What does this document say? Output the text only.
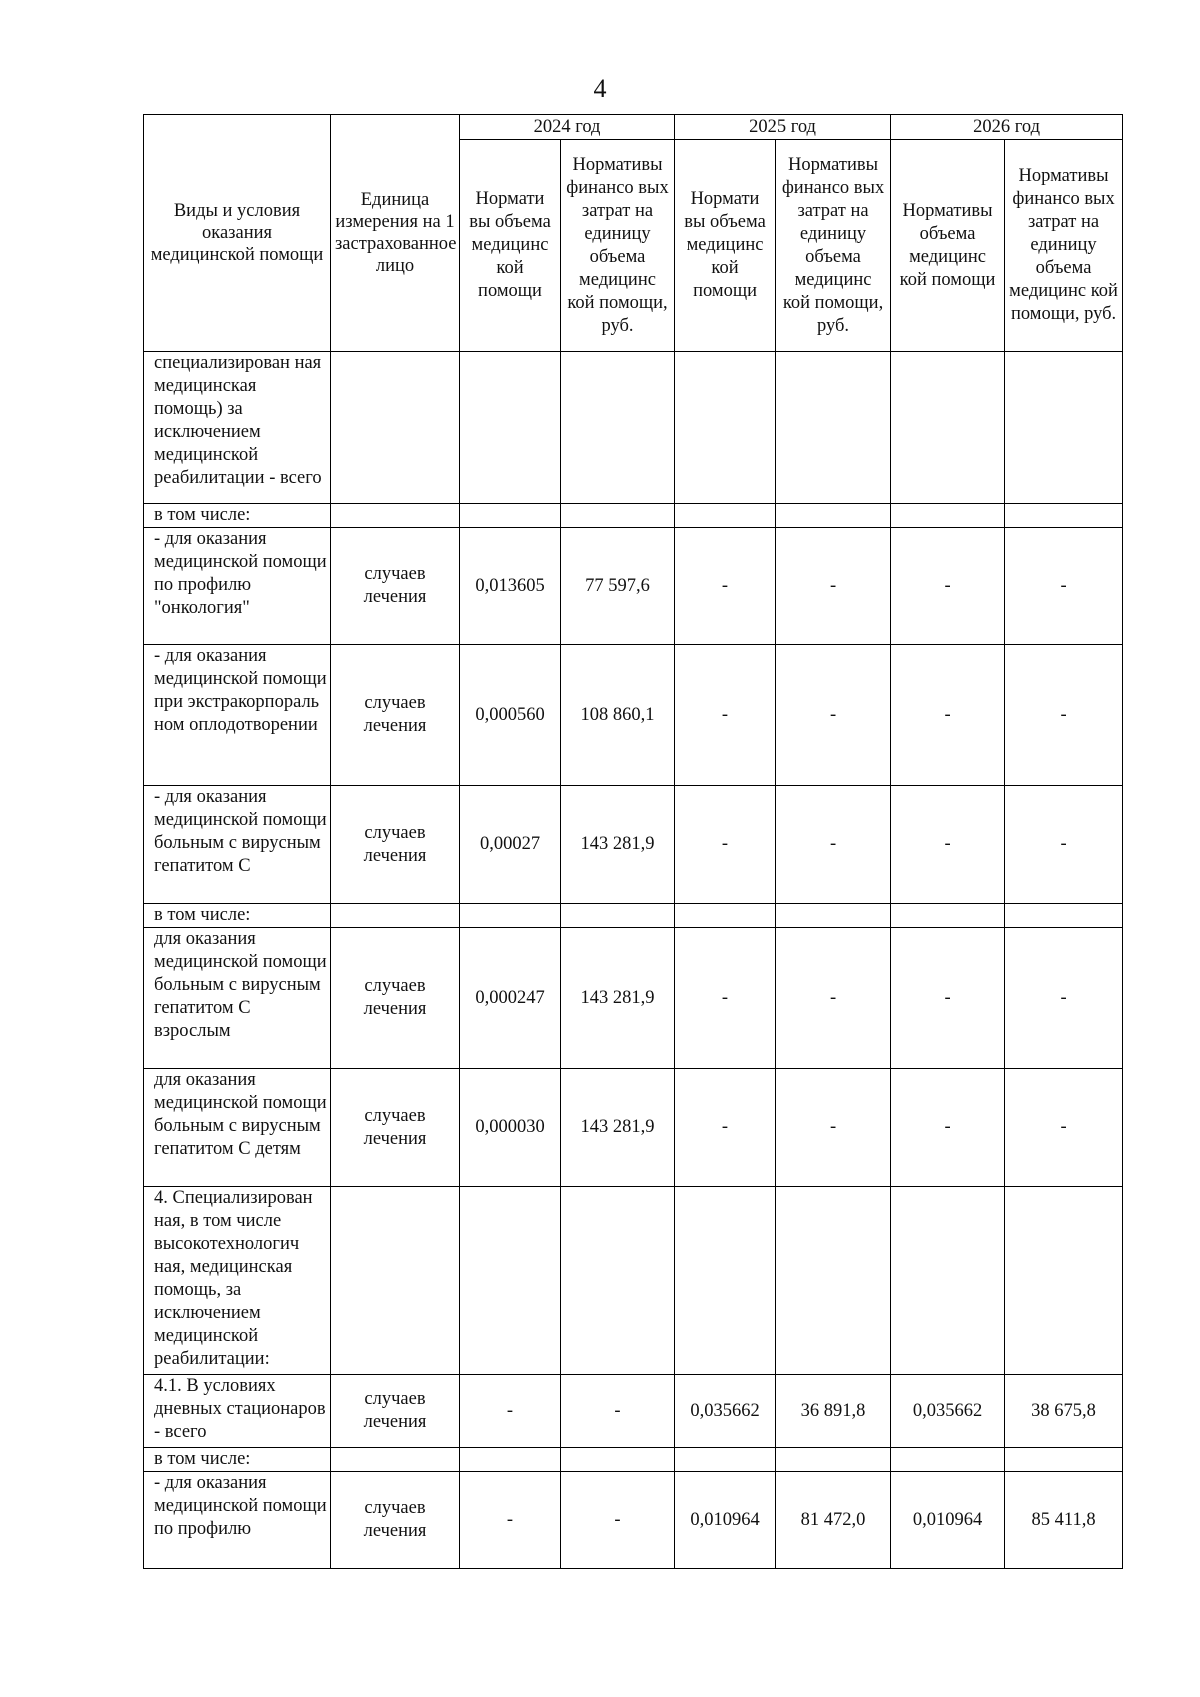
4
Виды и условия оказания медицинской помощи	Единица измерения на 1 застрахованное лицо	2024 год		2025 год		2026 год	
		Нормати вы объема медицинс кой помощи	Нормативы финансо вых затрат на единицу объема медицинс кой помощи, руб.	Нормати вы объема медицинс кой помощи	Нормативы финансо вых затрат на единицу объема медицинс кой помощи, руб.	Нормативы объема медицинс кой помощи	Нормативы финансо вых затрат на единицу объема медицинс кой помощи, руб.
специализирован ная медицинская помощь) за исключением медицинской реабилитации - всего							
в том числе:							
- для оказания медицинской помощи по профилю "онкология"	случаев лечения	0,013605	77 597,6	-	-	-	-
- для оказания медицинской помощи при экстракорпораль ном оплодотворении	случаев лечения	0,000560	108 860,1	-	-	-	-
- для оказания медицинской помощи больным с вирусным гепатитом С	случаев лечения	0,00027	143 281,9	-	-	-	-
в том числе:							
для оказания медицинской помощи больным с вирусным гепатитом С взрослым	случаев лечения	0,000247	143 281,9	-	-	-	-
для оказания медицинской помощи больным с вирусным гепатитом С детям	случаев лечения	0,000030	143 281,9	-	-	-	-
4. Специализирован ная, в том числе высокотехнологич ная, медицинская помощь, за исключением медицинской реабилитации:							
4.1. В условиях дневных стационаров - всего	случаев лечения	-	-	0,035662	36 891,8	0,035662	38 675,8
в том числе:							
- для оказания медицинской помощи по профилю	случаев лечения	-	-	0,010964	81 472,0	0,010964	85 411,8
